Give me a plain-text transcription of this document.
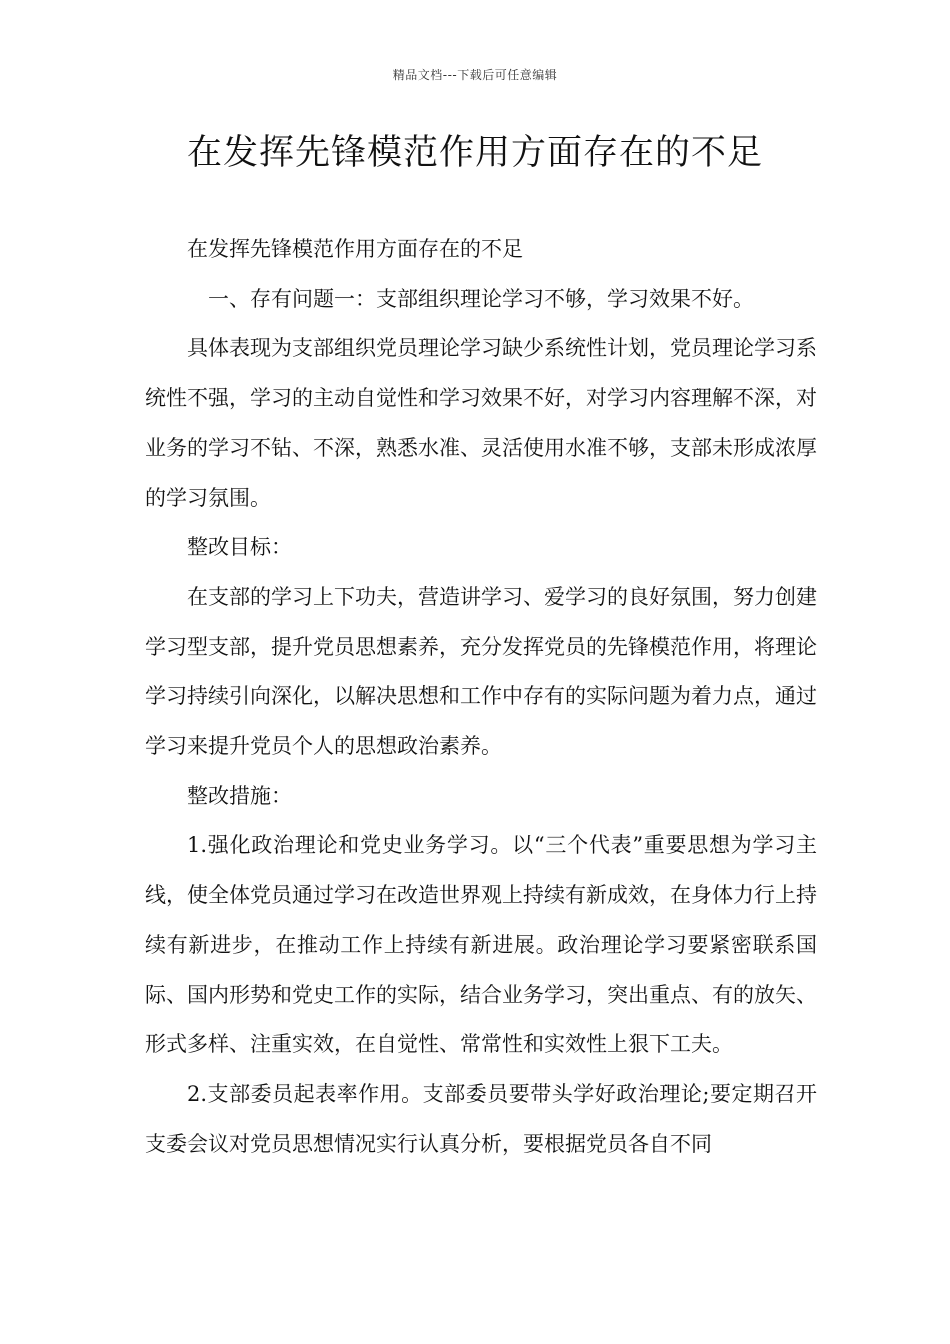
精品文档---下载后可任意编辑
在发挥先锋模范作用方面存在的不足

在发挥先锋模范作用方面存在的不足

一、存有问题一：支部组织理论学习不够，学习效果不好。

具体表现为支部组织党员理论学习缺少系统性计划，党员理论学习系统性不强，学习的主动自觉性和学习效果不好，对学习内容理解不深，对业务的学习不钻、不深，熟悉水准、灵活使用水准不够，支部未形成浓厚的学习氛围。

整改目标：

在支部的学习上下功夫，营造讲学习、爱学习的良好氛围，努力创建学习型支部，提升党员思想素养，充分发挥党员的先锋模范作用，将理论学习持续引向深化，以解决思想和工作中存有的实际问题为着力点，通过学习来提升党员个人的思想政治素养。

整改措施：

1.强化政治理论和党史业务学习。以“三个代表”重要思想为学习主线，使全体党员通过学习在改造世界观上持续有新成效，在身体力行上持续有新进步，在推动工作上持续有新进展。政治理论学习要紧密联系国际、国内形势和党史工作的实际，结合业务学习，突出重点、有的放矢、形式多样、注重实效，在自觉性、常常性和实效性上狠下工夫。

2.支部委员起表率作用。支部委员要带头学好政治理论;要定期召开支委会议对党员思想情况实行认真分析，要根据党员各自不同
